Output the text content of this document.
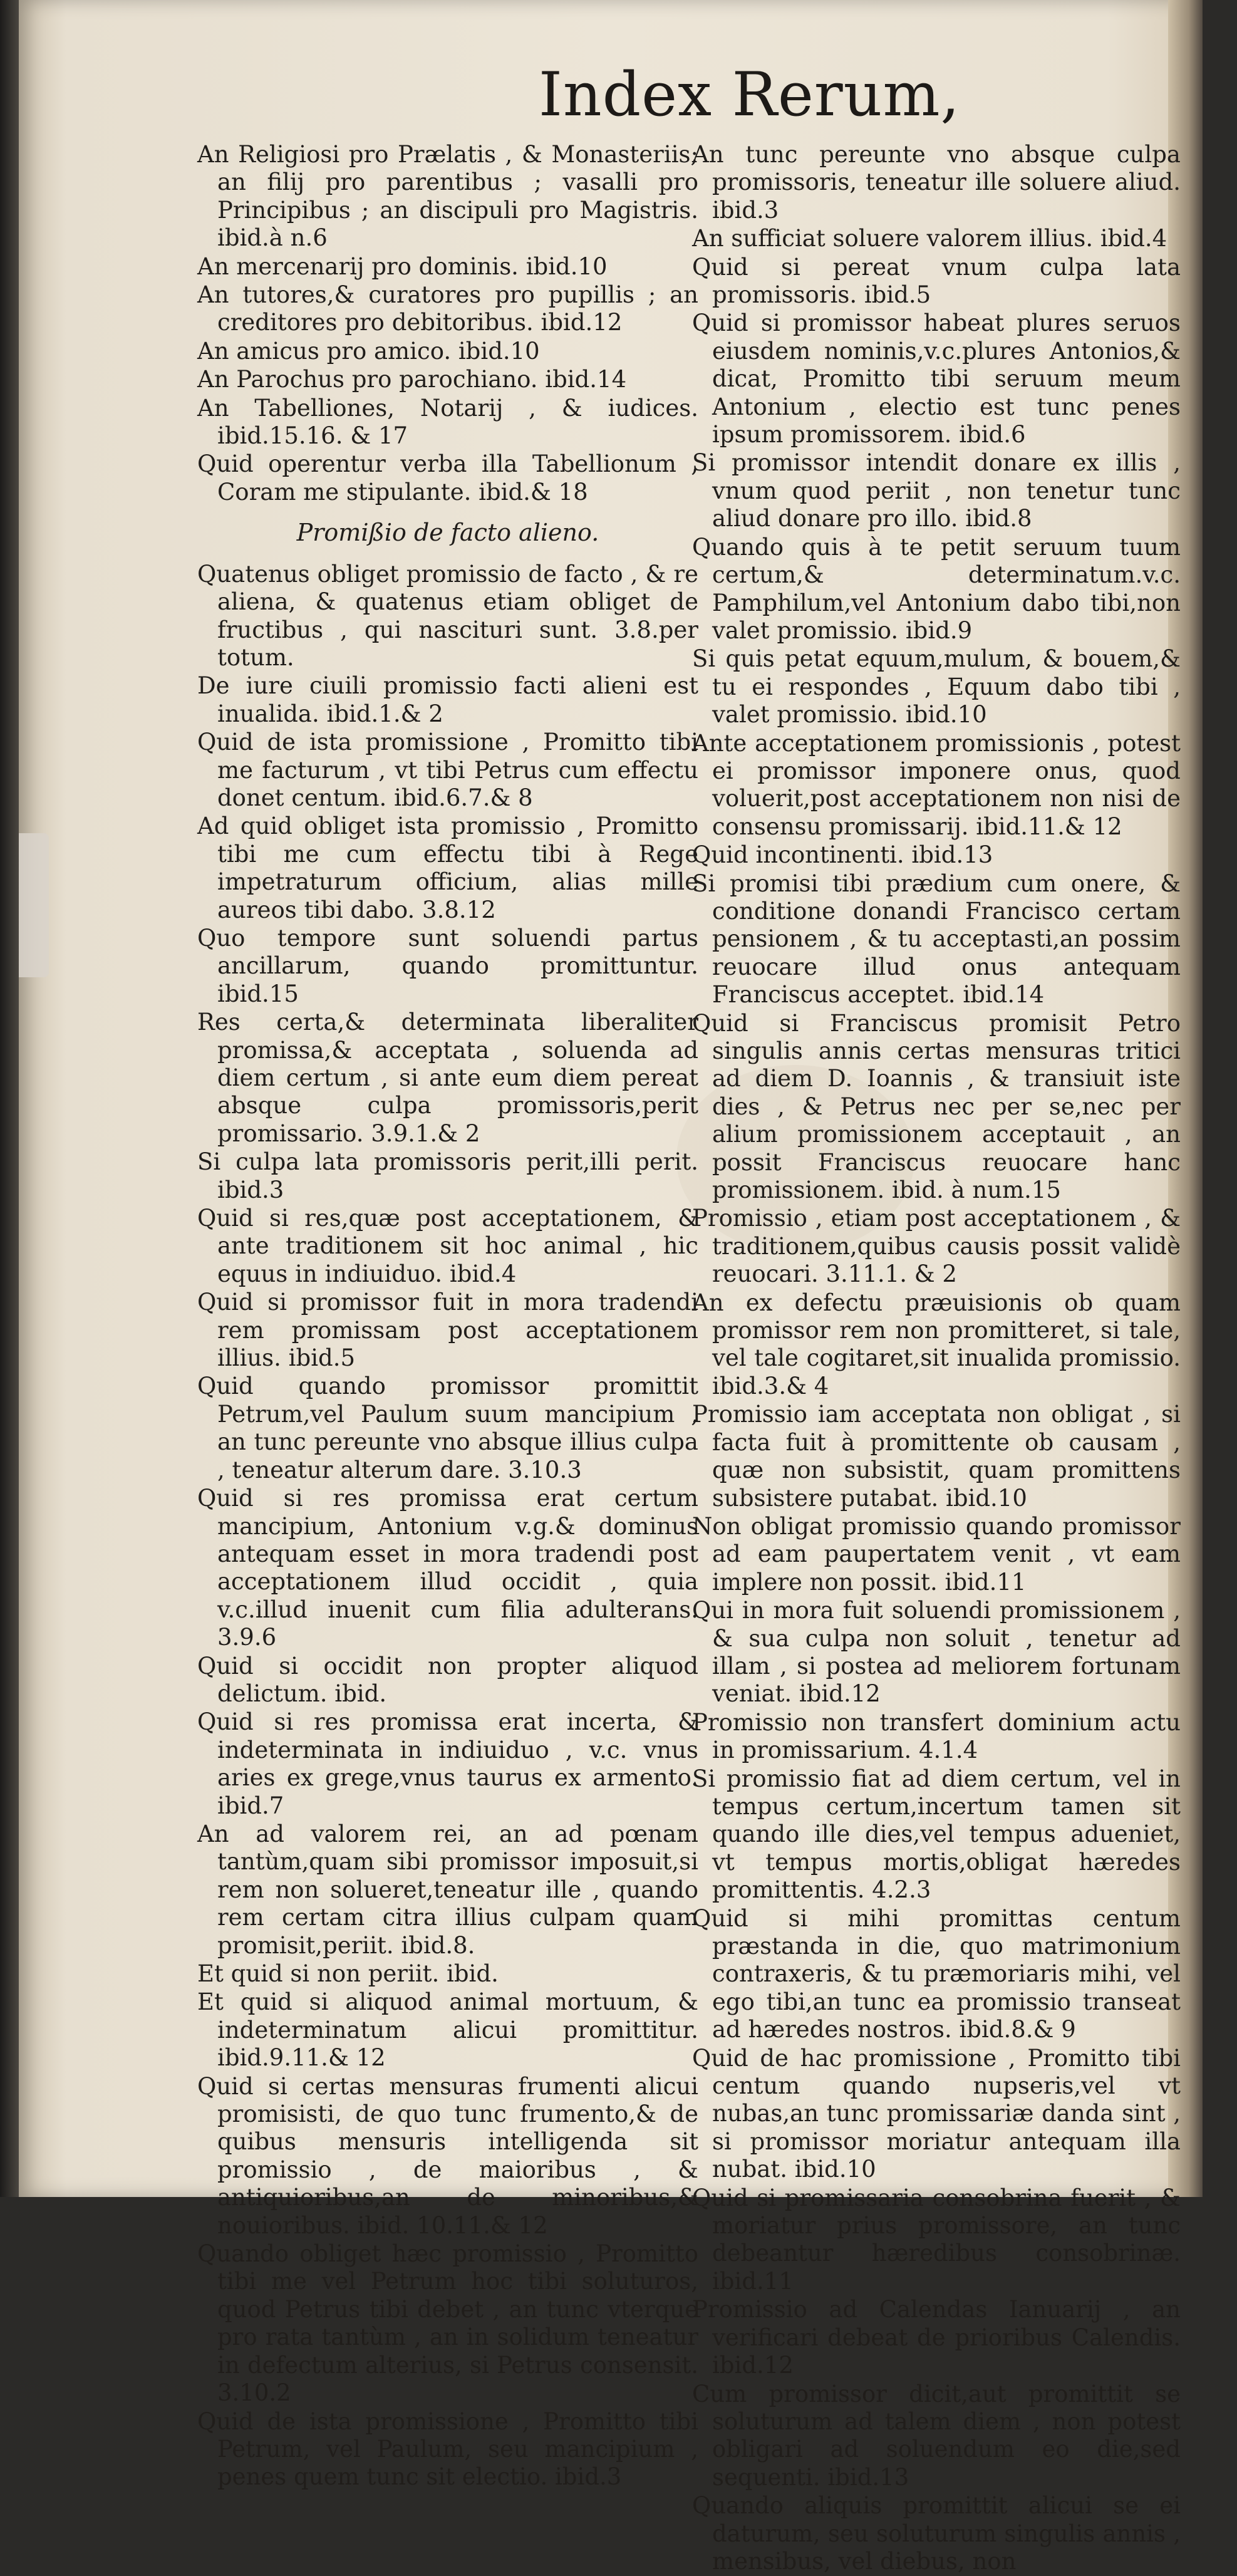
Index Rerum,

An Religiosi pro Prælatis , & Monasteriis; an filij pro parentibus ; vasalli pro Principibus ; an discipuli pro Magistris. ibid.à n.6

An mercenarij pro dominis. ibid.10

An tutores,& curatores pro pupillis ; an creditores pro debitoribus. ibid.12

An amicus pro amico. ibid.10

An Parochus pro parochiano. ibid.14

An Tabelliones, Notarij , & iudices. ibid.15.16. & 17

Quid operentur verba illa Tabellionum , Coram me stipulante. ibid.& 18

Promißio de facto alieno.

Quatenus obliget promissio de facto , & re aliena, & quatenus etiam obliget de fructibus , qui nascituri sunt. 3.8.per totum.

De iure ciuili promissio facti alieni est inualida. ibid.1.& 2

Quid de ista promissione , Promitto tibi me facturum , vt tibi Petrus cum effectu donet centum. ibid.6.7.& 8

Ad quid obliget ista promissio , Promitto tibi me cum effectu tibi à Rege impetraturum officium, alias mille aureos tibi dabo. 3.8.12

Quo tempore sunt soluendi partus ancillarum, quando promittuntur. ibid.15

Res certa,& determinata liberaliter promissa,& acceptata , soluenda ad diem certum , si ante eum diem pereat absque culpa promissoris,perit promissario. 3.9.1.& 2

Si culpa lata promissoris perit,illi perit. ibid.3

Quid si res,quæ post acceptationem, & ante traditionem sit hoc animal , hic equus in indiuiduo. ibid.4

Quid si promissor fuit in mora tradendi rem promissam post acceptationem illius. ibid.5

Quid quando promissor promittit Petrum,vel Paulum suum mancipium , an tunc pereunte vno absque illius culpa , teneatur alterum dare. 3.10.3

Quid si res promissa erat certum mancipium, Antonium v.g.& dominus antequam esset in mora tradendi post acceptationem illud occidit , quia v.c.illud inuenit cum filia adulterans. 3.9.6

Quid si occidit non propter aliquod delictum. ibid.

Quid si res promissa erat incerta, & indeterminata in indiuiduo , v.c. vnus aries ex grege,vnus taurus ex armento. ibid.7

An ad valorem rei, an ad pœnam tantùm,quam sibi promissor imposuit,si rem non solueret,teneatur ille , quando rem certam citra illius culpam quam promisit,periit. ibid.8.

Et quid si non periit. ibid.

Et quid si aliquod animal mortuum, & indeterminatum alicui promittitur. ibid.9.11.& 12

Quid si certas mensuras frumenti alicui promisisti, de quo tunc frumento,& de quibus mensuris intelligenda sit promissio , de maioribus , & antiquioribus,an de minoribus,& nouioribus. ibid. 10.11.& 12

Quando obliget hæc promissio , Promitto tibi me vel Petrum hoc tibi soluturos, quod Petrus tibi debet , an tunc vterque pro rata tantùm , an in solidum teneatur in defectum alterius, si Petrus consensit. 3.10.2

Quid de ista promissione , Promitto tibi Petrum, vel Paulum, seu mancipium , penes quem tunc sit electio. ibid.3

An tunc pereunte vno absque culpa promissoris, teneatur ille soluere aliud. ibid.3

An sufficiat soluere valorem illius. ibid.4

Quid si pereat vnum culpa lata promissoris. ibid.5

Quid si promissor habeat plures seruos eiusdem nominis,v.c.plures Antonios,& dicat, Promitto tibi seruum meum Antonium , electio est tunc penes ipsum promissorem. ibid.6

Si promissor intendit donare ex illis , vnum quod periit , non tenetur tunc aliud donare pro illo. ibid.8

Quando quis à te petit seruum tuum certum,& determinatum.v.c. Pamphilum,vel Antonium dabo tibi,non valet promissio. ibid.9

Si quis petat equum,mulum, & bouem,& tu ei respondes , Equum dabo tibi , valet promissio. ibid.10

Ante acceptationem promissionis , potest ei promissor imponere onus, quod voluerit,post acceptationem non nisi de consensu promissarij. ibid.11.& 12

Quid incontinenti. ibid.13

Si promisi tibi prædium cum onere, & conditione donandi Francisco certam pensionem , & tu acceptasti,an possim reuocare illud onus antequam Franciscus acceptet. ibid.14

Quid si Franciscus promisit Petro singulis annis certas mensuras tritici ad diem D. Ioannis , & transiuit iste dies , & Petrus nec per se,nec per alium promissionem acceptauit , an possit Franciscus reuocare hanc promissionem. ibid. à num.15

Promissio , etiam post acceptationem , & traditionem,quibus causis possit validè reuocari. 3.11.1. & 2

An ex defectu præuisionis ob quam promissor rem non promitteret, si tale, vel tale cogitaret,sit inualida promissio. ibid.3.& 4

Promissio iam acceptata non obligat , si facta fuit à promittente ob causam , quæ non subsistit, quam promittens subsistere putabat. ibid.10

Non obligat promissio quando promissor ad eam paupertatem venit , vt eam implere non possit. ibid.11

Qui in mora fuit soluendi promissionem , & sua culpa non soluit , tenetur ad illam , si postea ad meliorem fortunam veniat. ibid.12

Promissio non transfert dominium actu in promissarium. 4.1.4

Si promissio fiat ad diem certum, vel in tempus certum,incertum tamen sit quando ille dies,vel tempus adueniet, vt tempus mortis,obligat hæredes promittentis. 4.2.3

Quid si mihi promittas centum præstanda in die, quo matrimonium contraxeris, & tu præmoriaris mihi, vel ego tibi,an tunc ea promissio transeat ad hæredes nostros. ibid.8.& 9

Quid de hac promissione , Promitto tibi centum quando nupseris,vel vt nubas,an tunc promissariæ danda sint , si promissor moriatur antequam illa nubat. ibid.10

Quid si promissaria consobrina fuerit , & moriatur prius promissore, an tunc debeantur hæredibus consobrinæ. ibid.11

Promissio ad Calendas Ianuarij , an verificari debeat de prioribus Calendis. ibid.12

Cum promissor dicit,aut promittit se soluturum ad talem diem , non potest obligari ad soluendum eo die,sed sequenti. ibid.13

Quando aliquis promittit alicui se ei daturum, seu soluturum singulis annis , mensibus, vel diebus, non
